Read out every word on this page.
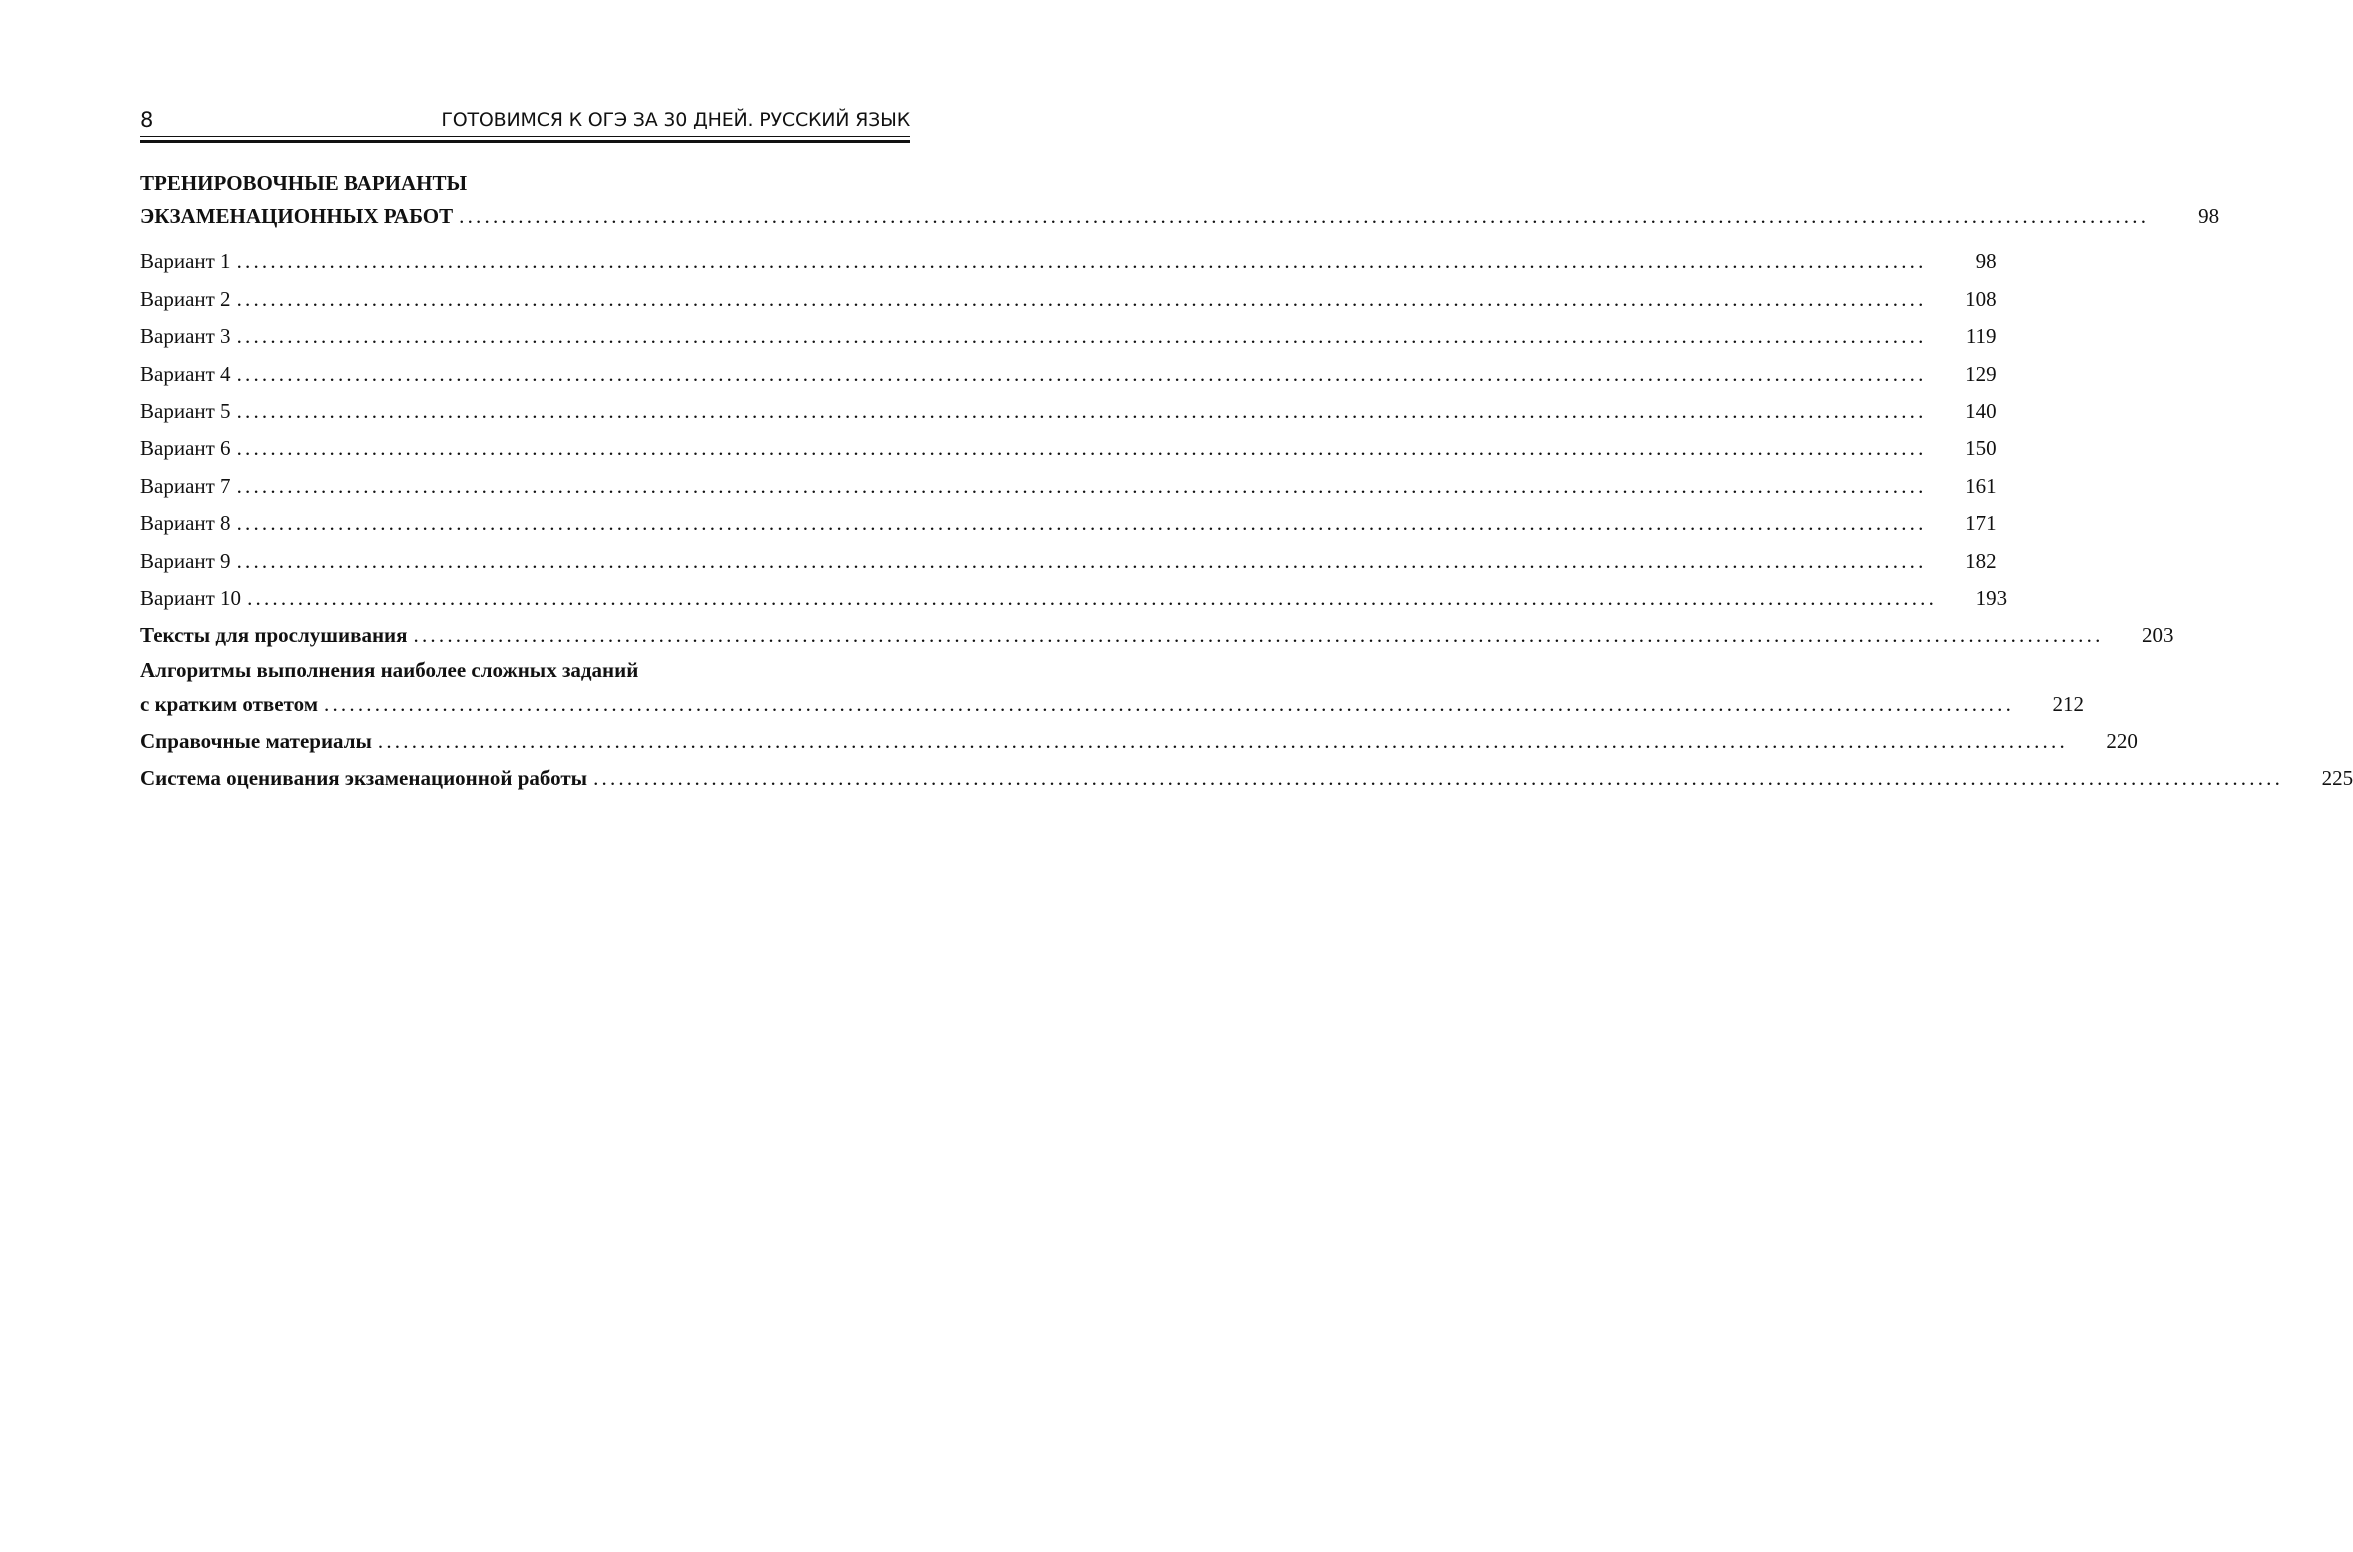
8	ГОТОВИМСЯ К ОГЭ ЗА 30 ДНЕЙ. РУССКИЙ ЯЗЫК
ТРЕНИРОВОЧНЫЕ ВАРИАНТЫ
ЭКЗАМЕНАЦИОННЫХ РАБОТ ........................................................................................................................................................................................................	98
Вариант 1 ........................................................................................................................................................................................................	98
Вариант 2 ........................................................................................................................................................................................................	108
Вариант 3 ........................................................................................................................................................................................................	119
Вариант 4 ........................................................................................................................................................................................................	129
Вариант 5 ........................................................................................................................................................................................................	140
Вариант 6 ........................................................................................................................................................................................................	150
Вариант 7 ........................................................................................................................................................................................................	161
Вариант 8 ........................................................................................................................................................................................................	171
Вариант 9 ........................................................................................................................................................................................................	182
Вариант 10 ........................................................................................................................................................................................................	193
Тексты для прослушивания ........................................................................................................................................................................................................	203
Алгоритмы выполнения наиболее сложных заданий
с кратким ответом ........................................................................................................................................................................................................	212
Справочные материалы ........................................................................................................................................................................................................	220
Система оценивания экзаменационной работы ........................................................................................................................................................................................................	225
